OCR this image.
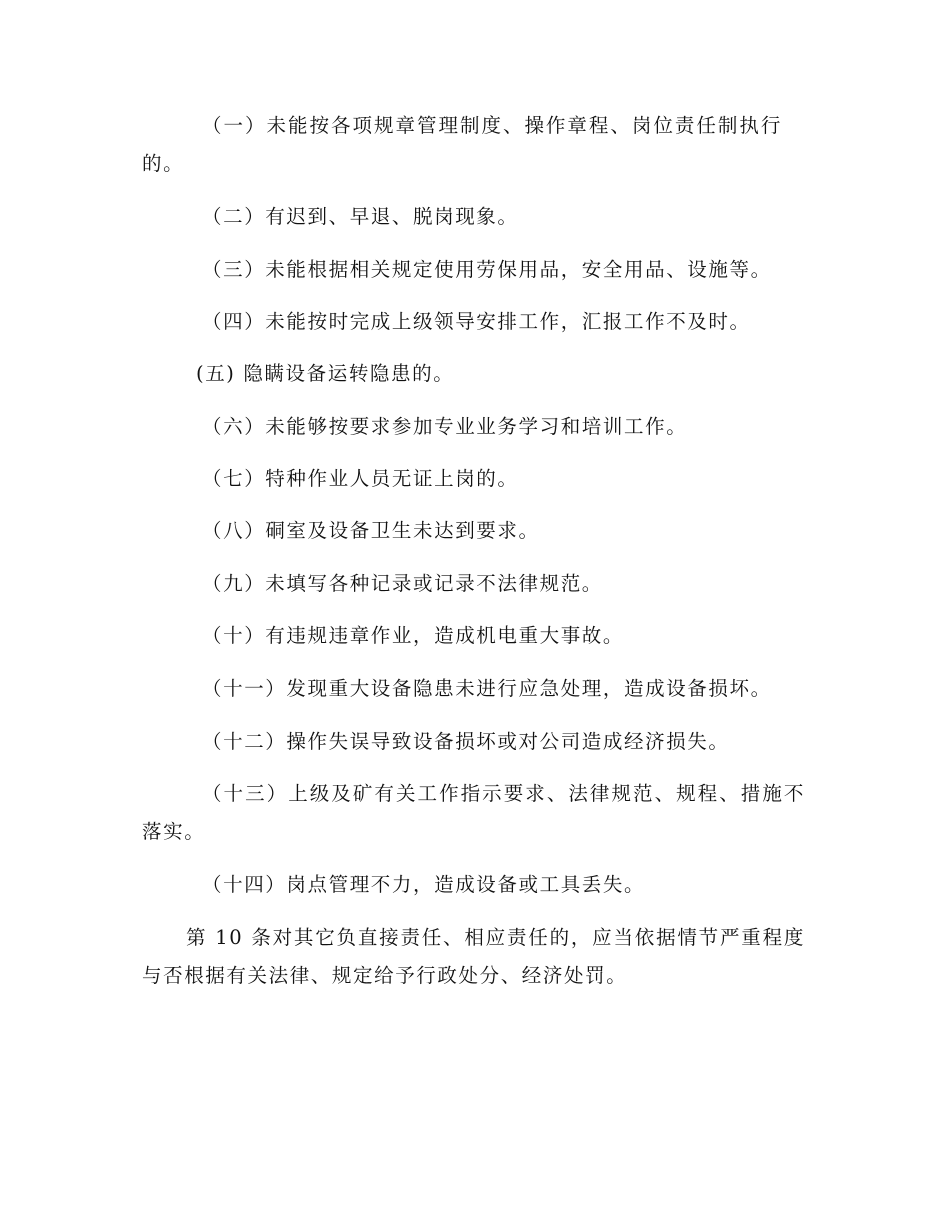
（一）未能按各项规章管理制度、操作章程、岗位责任制执行
的。
（二）有迟到、早退、脱岗现象。
（三）未能根据相关规定使用劳保用品，安全用品、设施等。
（四）未能按时完成上级领导安排工作，汇报工作不及时。
(五) 隐瞒设备运转隐患的。
（六）未能够按要求参加专业业务学习和培训工作。
（七）特种作业人员无证上岗的。
（八）硐室及设备卫生未达到要求。
（九）未填写各种记录或记录不法律规范。
（十）有违规违章作业，造成机电重大事故。
（十一）发现重大设备隐患未进行应急处理，造成设备损坏。
（十二）操作失误导致设备损坏或对公司造成经济损失。
（十三）上级及矿有关工作指示要求、法律规范、规程、措施不
落实。
（十四）岗点管理不力，造成设备或工具丢失。
第 10 条对其它负直接责任、相应责任的，应当依据情节严重程度
与否根据有关法律、规定给予行政处分、经济处罚。
